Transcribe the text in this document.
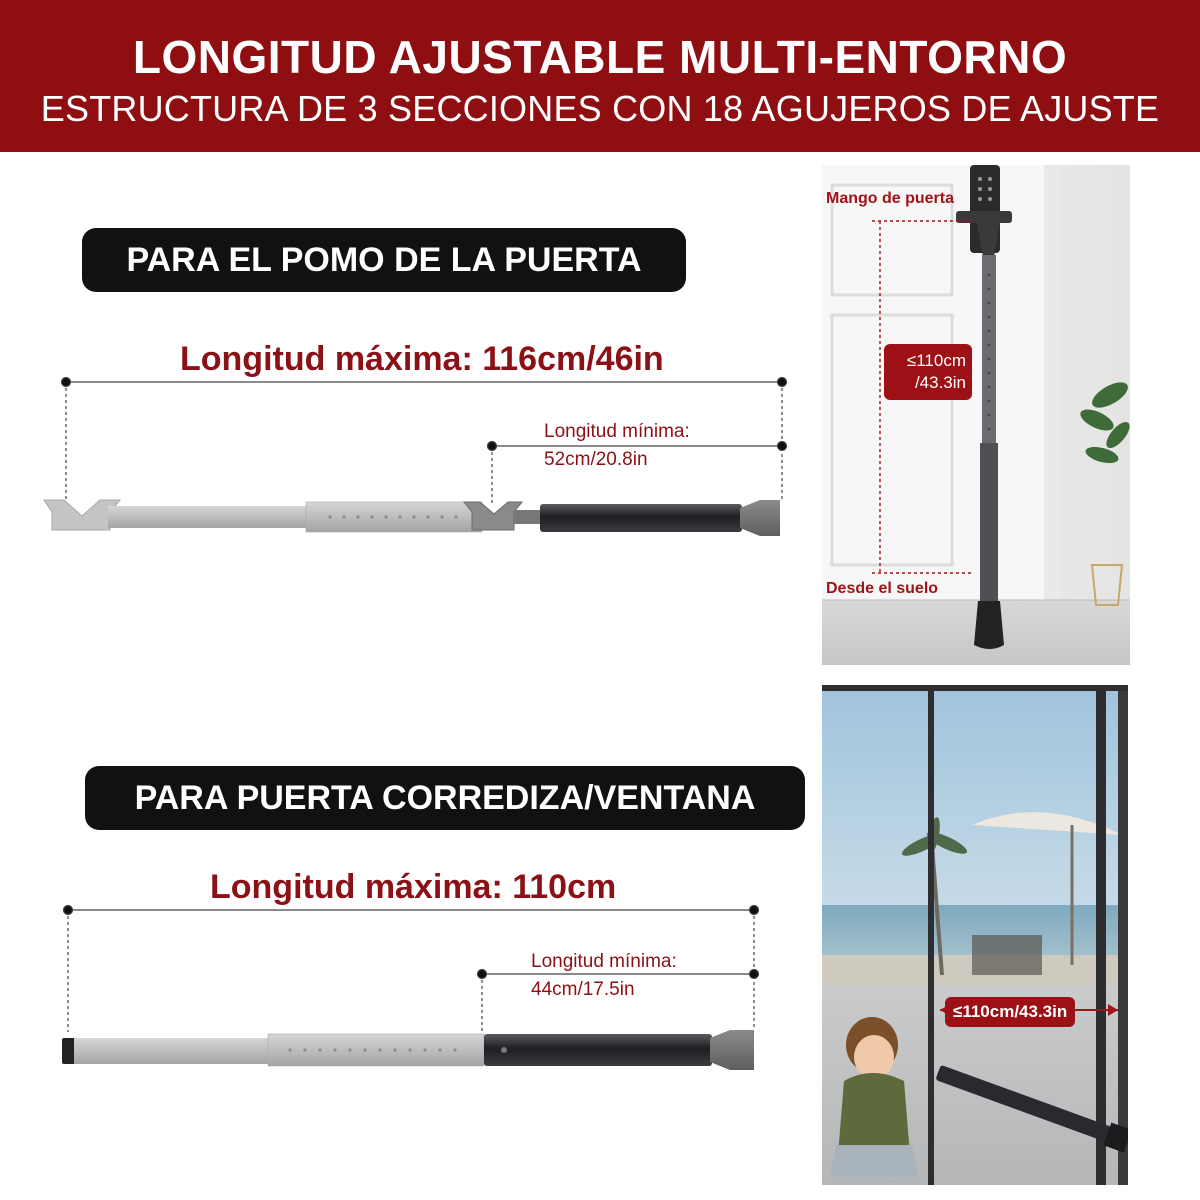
LONGITUD AJUSTABLE MULTI-ENTORNO
ESTRUCTURA DE 3 SECCIONES CON 18 AGUJEROS DE AJUSTE
PARA EL POMO DE LA PUERTA
Longitud máxima: 116cm/46in
Longitud mínima:
52cm/20.8in
PARA PUERTA CORREDIZA/VENTANA
Longitud máxima: 110cm
Longitud mínima:
44cm/17.5in
Mango de puerta
≤110cm
/43.3in
Desde el suelo
≤110cm/43.3in
